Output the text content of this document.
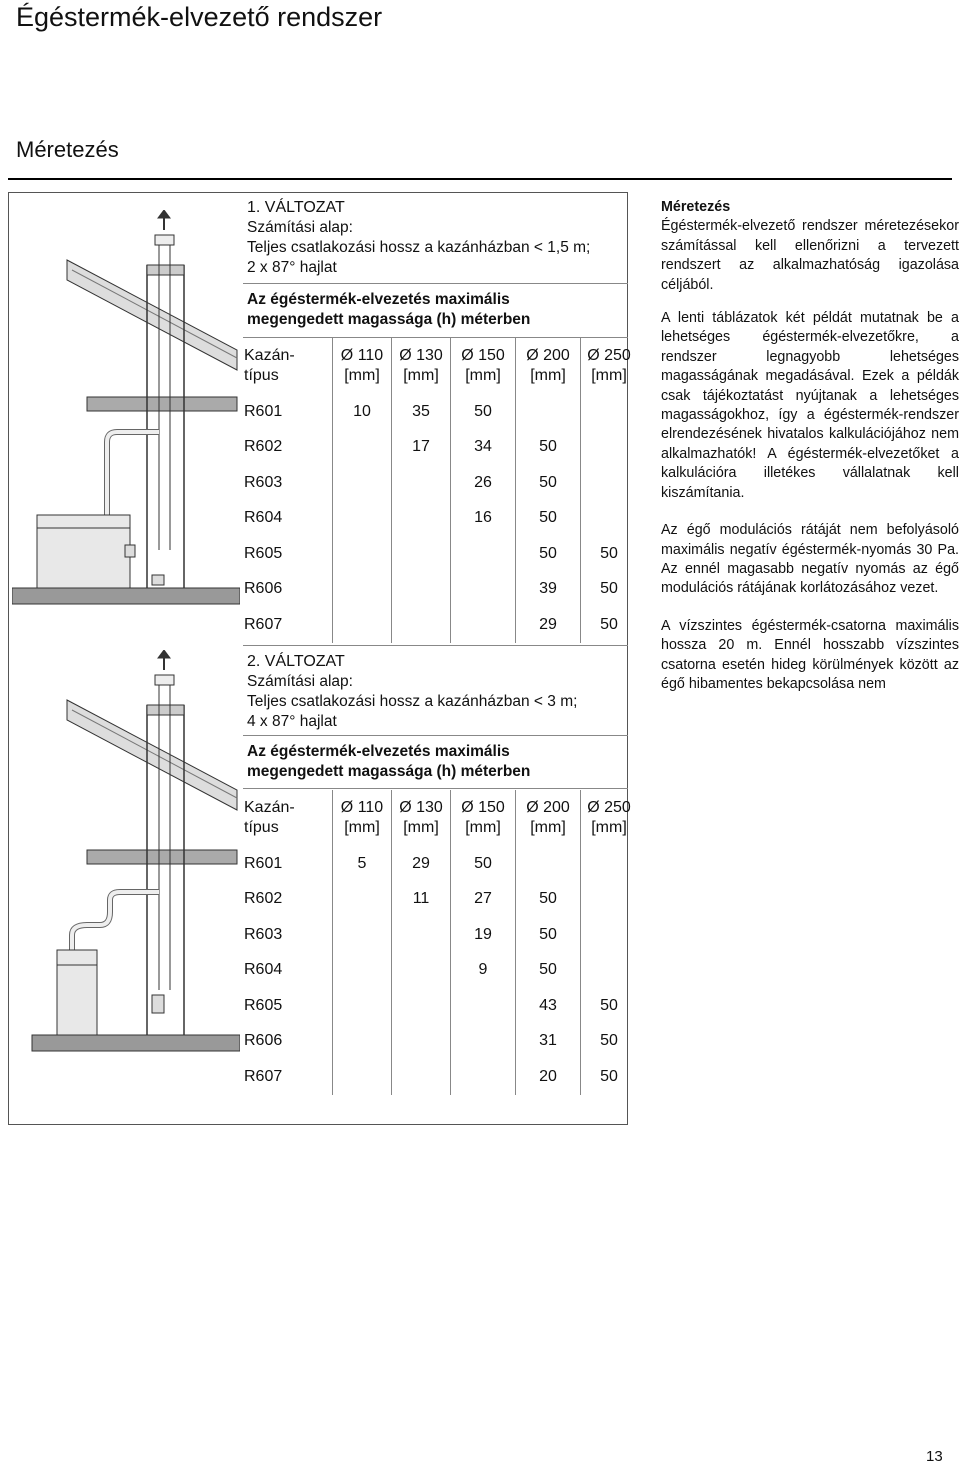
Égéstermék-elvezető rendszer
Méretezés
1. VÁLTOZAT
Számítási alap:
Teljes csatlakozási hossz a kazánházban < 1,5 m;
2 x 87° hajlat
Az égéstermék-elvezetés maximális
megengedett magassága (h) méterben
Kazán-
típus	Ø 110
[mm]	Ø 130
[mm]	Ø 150
[mm]	Ø 200
[mm]	Ø 250
[mm]
R601	10	35	50		
R602		17	34	50	
R603			26	50	
R604			16	50	
R605				50	50
R606				39	50
R607				29	50
2. VÁLTOZAT
Számítási alap:
Teljes csatlakozási hossz a kazánházban < 3 m;
4 x 87° hajlat
Az égéstermék-elvezetés maximális
megengedett magassága (h) méterben
Kazán-
típus	Ø 110
[mm]	Ø 130
[mm]	Ø 150
[mm]	Ø 200
[mm]	Ø 250
[mm]
R601	5	29	50		
R602		11	27	50	
R603			19	50	
R604			9	50	
R605				43	50
R606				31	50
R607				20	50

Méretezés

Égéstermék-elvezető rendszer méretezésekor számítással kell ellenőrizni a tervezett rendszert az alkalmazhatóság igazolása céljából.

A lenti táblázatok két példát mutatnak be a lehetséges égéstermék-elvezetőkre, a rendszer legnagyobb lehetséges magasságának megadásával. Ezek a példák csak tájékoztatást nyújtanak a lehetséges magasságokhoz, így a égéstermék-rendszer elrendezésének hivatalos kalkulációjához nem alkalmazhatók! A égéstermék-elvezetőket a kalkulációra illetékes vállalatnak kell kiszámítania.

Az égő modulációs rátáját nem befolyásoló maximális negatív égéstermék-nyomás 30 Pa. Az ennél magasabb negatív nyomás az égő modulációs rátájának korlátozásához vezet.

A vízszintes égéstermék-csatorna maximális hossza 20 m. Ennél hosszabb vízszintes csatorna esetén hideg körülmények között az égő hibamentes bekapcsolása nem

13
